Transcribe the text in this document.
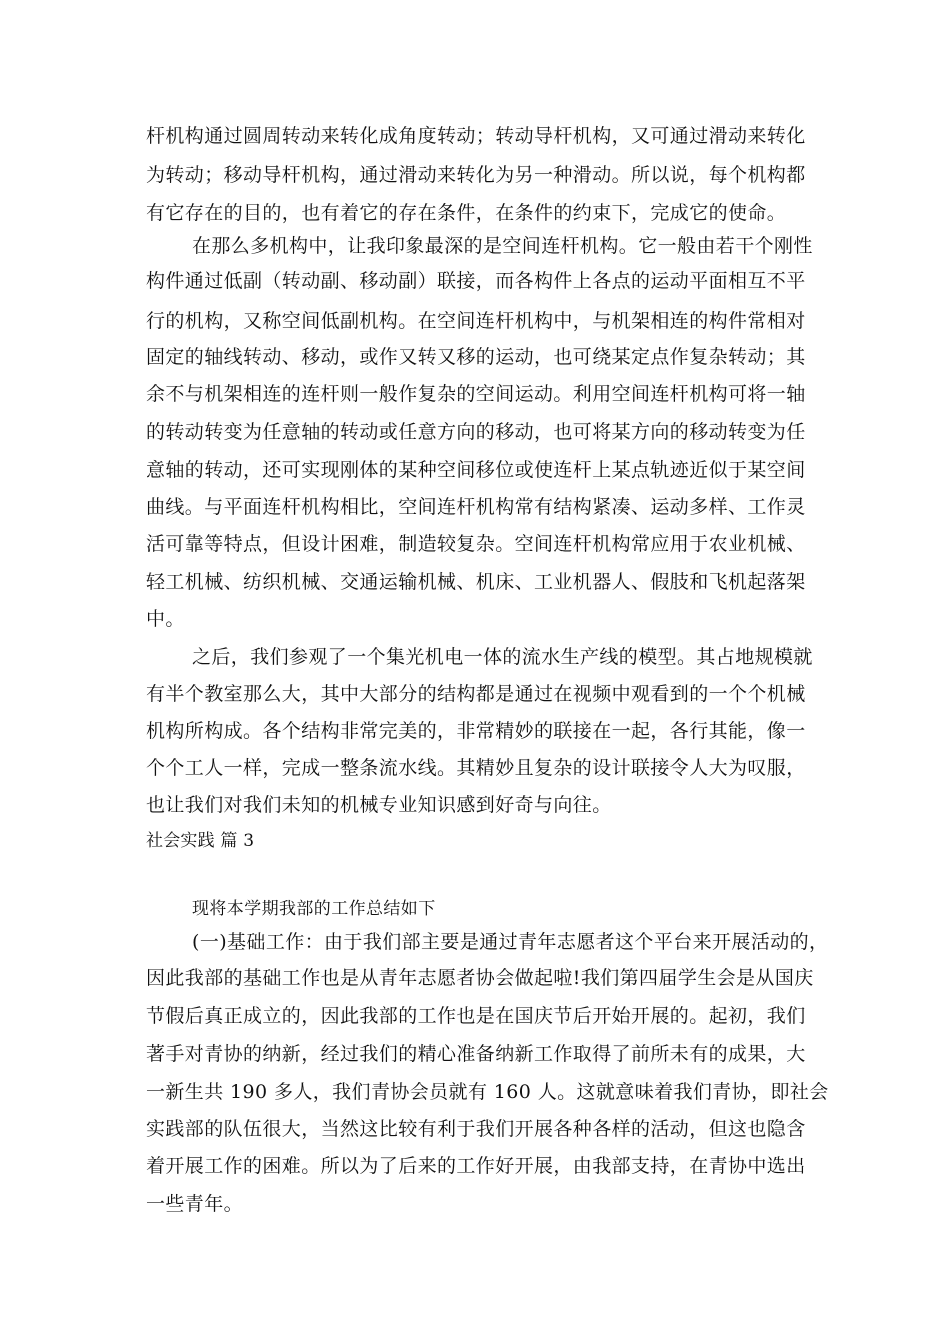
杆机构通过圆周转动来转化成角度转动；转动导杆机构，又可通过滑动来转化
为转动；移动导杆机构，通过滑动来转化为另一种滑动。所以说，每个机构都
有它存在的目的，也有着它的存在条件，在条件的约束下，完成它的使命。
在那么多机构中，让我印象最深的是空间连杆机构。它一般由若干个刚性
构件通过低副（转动副、移动副）联接，而各构件上各点的运动平面相互不平
行的机构，又称空间低副机构。在空间连杆机构中，与机架相连的构件常相对
固定的轴线转动、移动，或作又转又移的运动，也可绕某定点作复杂转动；其
余不与机架相连的连杆则一般作复杂的空间运动。利用空间连杆机构可将一轴
的转动转变为任意轴的转动或任意方向的移动，也可将某方向的移动转变为任
意轴的转动，还可实现刚体的某种空间移位或使连杆上某点轨迹近似于某空间
曲线。与平面连杆机构相比，空间连杆机构常有结构紧凑、运动多样、工作灵
活可靠等特点，但设计困难，制造较复杂。空间连杆机构常应用于农业机械、
轻工机械、纺织机械、交通运输机械、机床、工业机器人、假肢和飞机起落架
中。
之后，我们参观了一个集光机电一体的流水生产线的模型。其占地规模就
有半个教室那么大，其中大部分的结构都是通过在视频中观看到的一个个机械
机构所构成。各个结构非常完美的，非常精妙的联接在一起，各行其能，像一
个个工人一样，完成一整条流水线。其精妙且复杂的设计联接令人大为叹服，
也让我们对我们未知的机械专业知识感到好奇与向往。
社会实践 篇 3
现将本学期我部的工作总结如下
(一)基础工作：由于我们部主要是通过青年志愿者这个平台来开展活动的，
因此我部的基础工作也是从青年志愿者协会做起啦!我们第四届学生会是从国庆
节假后真正成立的，因此我部的工作也是在国庆节后开始开展的。起初，我们
著手对青协的纳新，经过我们的精心准备纳新工作取得了前所未有的成果，大
一新生共 190 多人，我们青协会员就有 160 人。这就意味着我们青协，即社会
实践部的队伍很大，当然这比较有利于我们开展各种各样的活动，但这也隐含
着开展工作的困难。所以为了后来的工作好开展，由我部支持，在青协中选出
一些青年。
